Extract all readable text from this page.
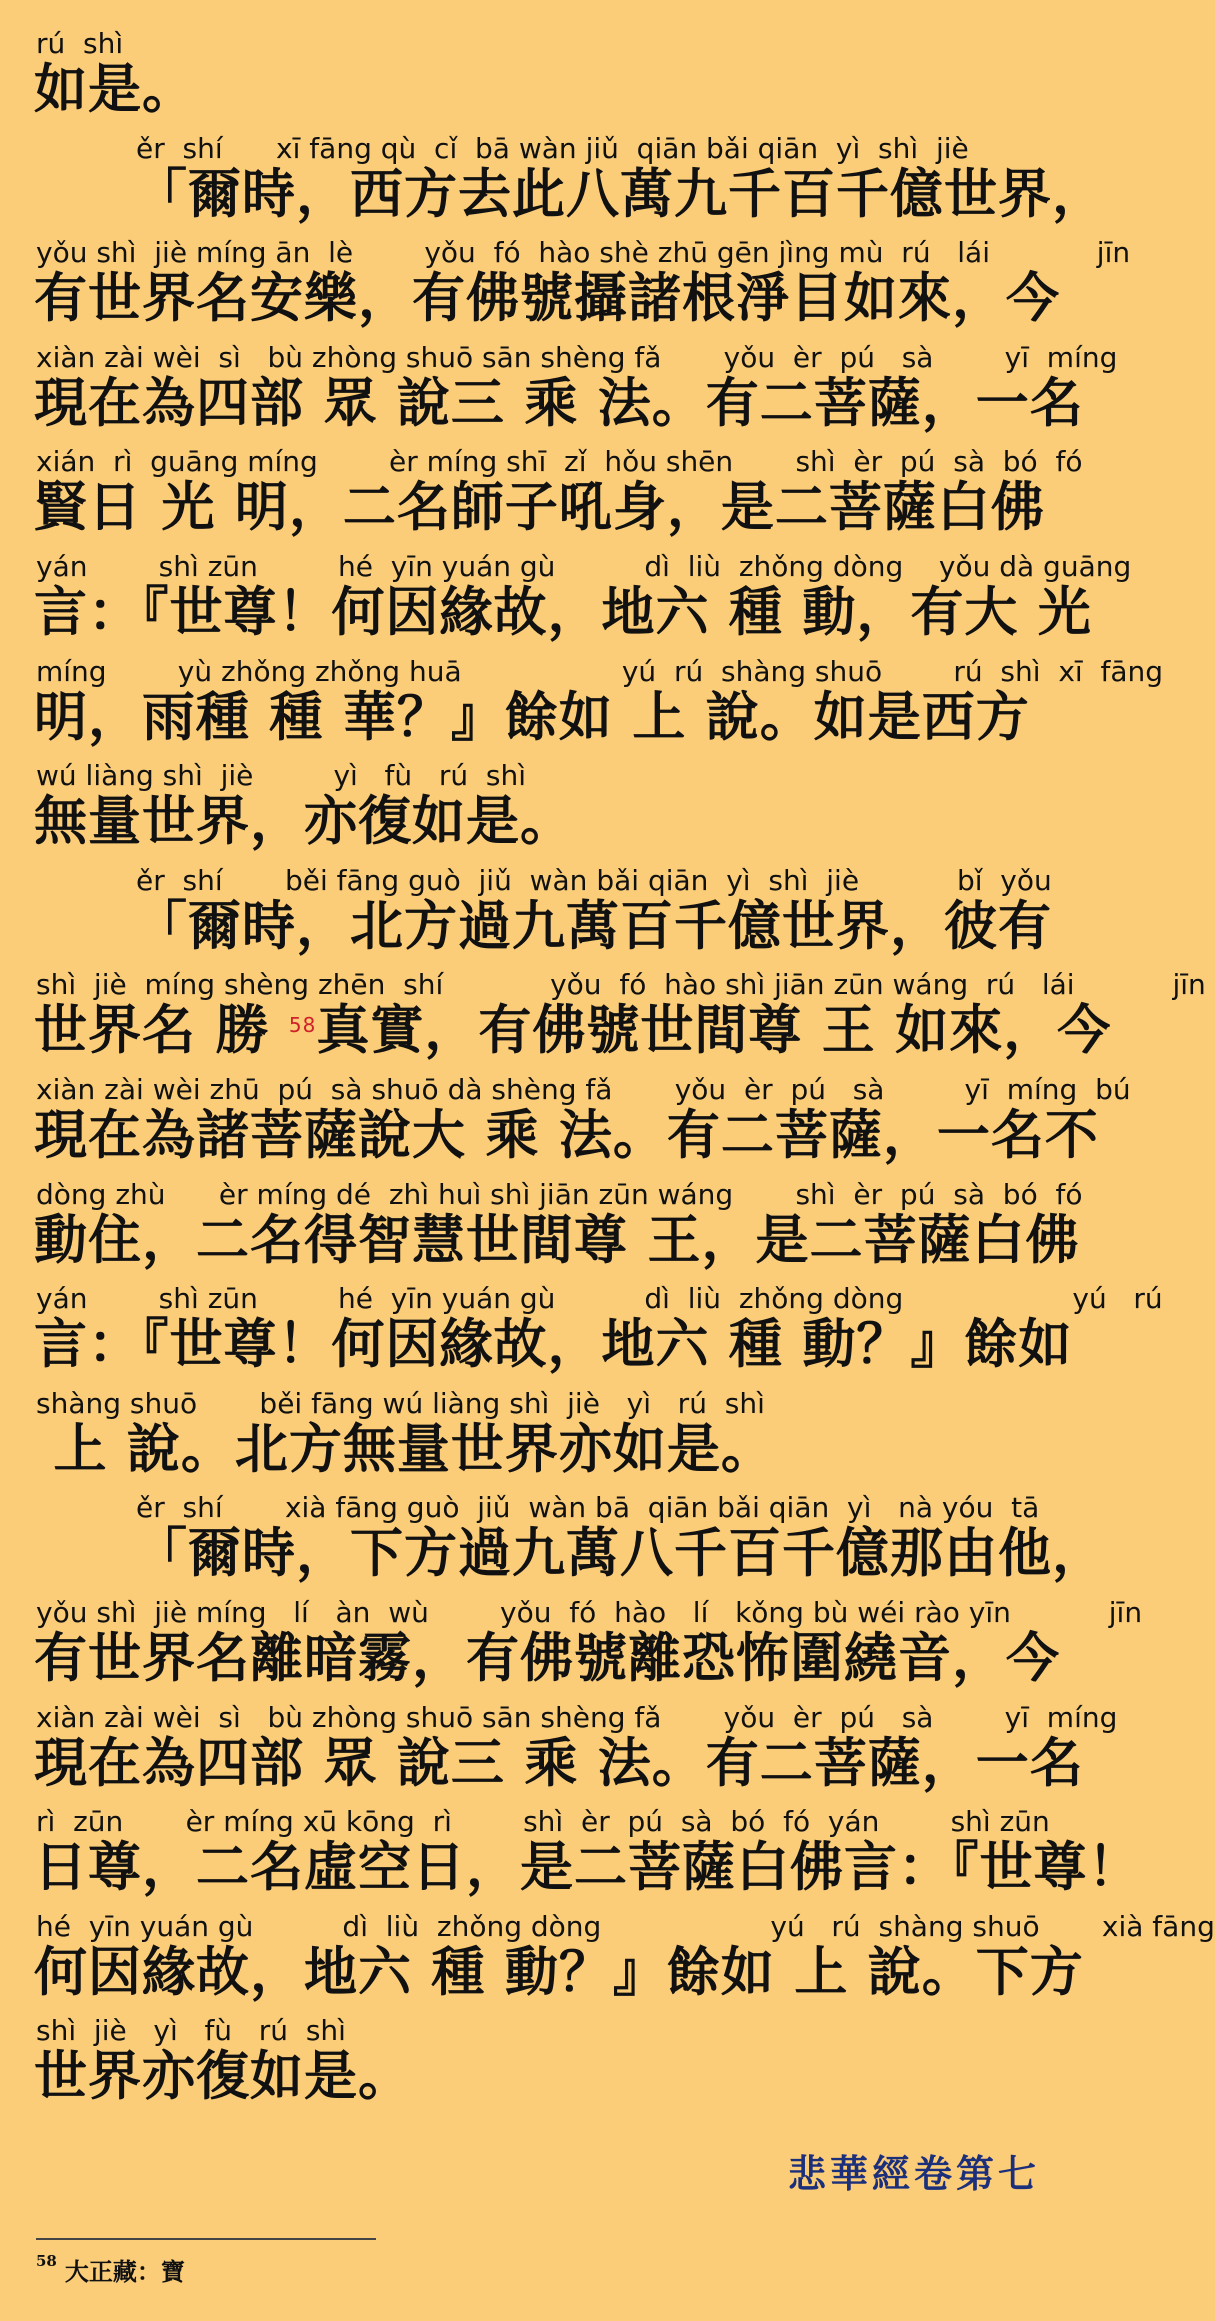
rú  shì
如是。
ěr  shí      xī fāng qù  cǐ  bā wàn jiǔ  qiān bǎi qiān  yì  shì  jiè
「爾時，西方去此八萬九千百千億世界，
yǒu shì  jiè míng ān  lè        yǒu  fó  hào shè zhū gēn jìng mù  rú   lái            jīn
有世界名安樂，有佛號攝諸根淨目如來，今
xiàn zài wèi  sì   bù zhòng shuō sān shèng fǎ       yǒu  èr  pú   sà        yī  míng
現在為四部 眾 說三 乘 法。有二菩薩，一名
xián  rì  guāng míng        èr míng shī  zǐ  hǒu shēn       shì  èr  pú  sà  bó  fó
賢日 光 明，二名師子吼身，是二菩薩白佛
yán        shì zūn         hé  yīn yuán gù          dì  liù  zhǒng dòng    yǒu dà guāng
言：『世尊！何因緣故，地六 種 動，有大 光
míng        yù zhǒng zhǒng huā                  yú  rú  shàng shuō        rú  shì  xī  fāng
明，雨種 種 華？』餘如 上 說。如是西方
wú liàng shì  jiè         yì   fù   rú  shì
無量世界，亦復如是。
ěr  shí       běi fāng guò  jiǔ  wàn bǎi qiān  yì  shì  jiè           bǐ  yǒu
「爾時，北方過九萬百千億世界，彼有
shì  jiè  míng shèng zhēn  shí            yǒu  fó  hào shì jiān zūn wáng  rú   lái           jīn
世界名 勝 $^{58}$真實，有佛號世間尊 王 如來，今
xiàn zài wèi zhū  pú  sà shuō dà shèng fǎ       yǒu  èr  pú   sà         yī  míng  bú
現在為諸菩薩說大 乘 法。有二菩薩，一名不
dòng zhù      èr míng dé  zhì huì shì jiān zūn wáng       shì  èr  pú  sà  bó  fó
動住，二名得智慧世間尊 王，是二菩薩白佛
yán        shì zūn         hé  yīn yuán gù          dì  liù  zhǒng dòng                   yú   rú
言：『世尊！何因緣故，地六 種 動？』餘如
shàng shuō       běi fāng wú liàng shì  jiè   yì   rú  shì
上 說。北方無量世界亦如是。
ěr  shí       xià fāng guò  jiǔ  wàn bā  qiān bǎi qiān  yì   nà yóu  tā
「爾時，下方過九萬八千百千億那由他，
yǒu shì  jiè míng   lí   àn  wù        yǒu  fó  hào   lí   kǒng bù wéi rào yīn           jīn
有世界名離暗霧，有佛號離恐怖圍繞音，今
xiàn zài wèi  sì   bù zhòng shuō sān shèng fǎ       yǒu  èr  pú   sà        yī  míng
現在為四部 眾 說三 乘 法。有二菩薩，一名
rì  zūn       èr míng xū kōng  rì        shì  èr  pú  sà  bó  fó  yán        shì zūn
日尊，二名虛空日，是二菩薩白佛言：『世尊！
hé  yīn yuán gù          dì  liù  zhǒng dòng                   yú   rú  shàng shuō       xià fāng
何因緣故，地六 種 動？』餘如 上 說。下方
shì  jiè   yì   fù   rú  shì
世界亦復如是。
悲華經卷第七
$^{58}$ 大正藏：寶
